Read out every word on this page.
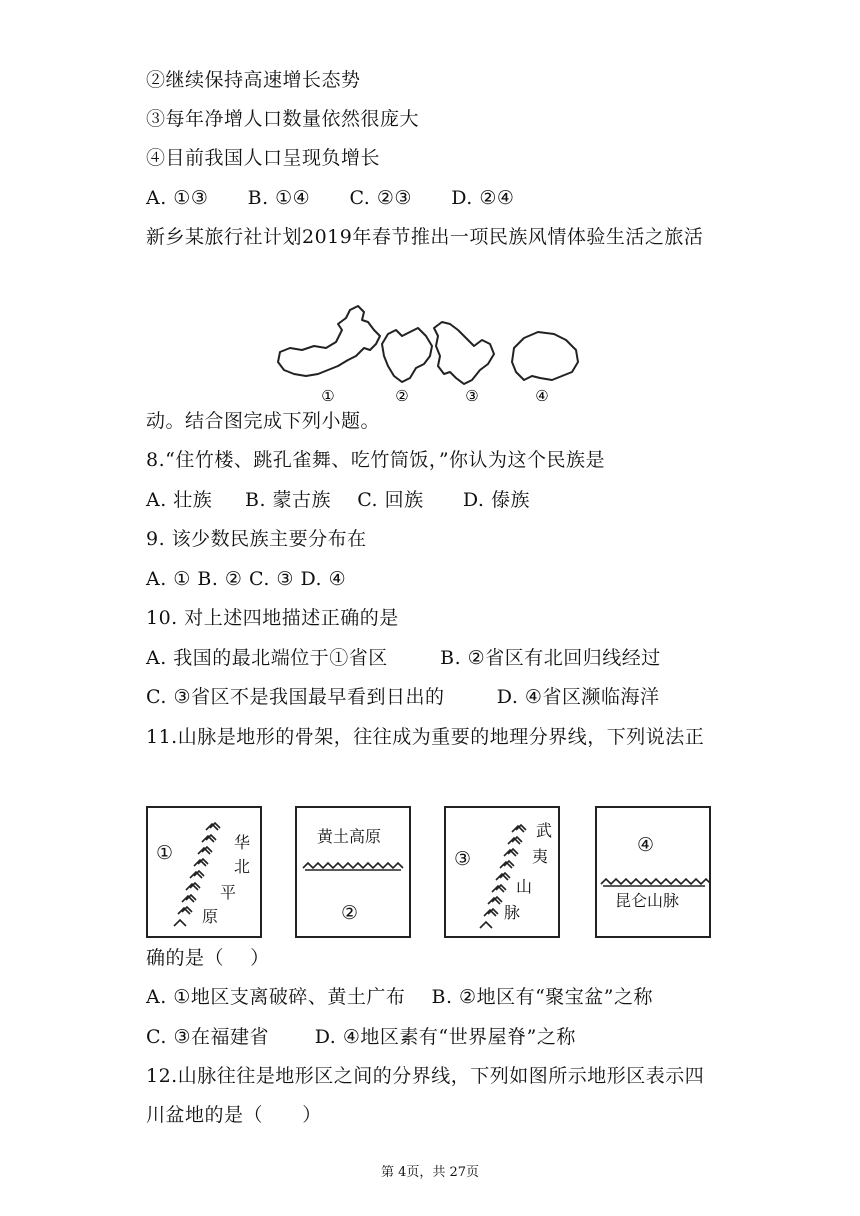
②继续保持高速增长态势
③每年净增人口数量依然很庞大
④目前我国人口呈现负增长
A. ①③      B. ①④      C. ②③      D. ②④
新乡某旅行社计划2019年春节推出一项民族风情体验生活之旅活
①	②	③	④
动。结合图完成下列小题。
8.“住竹楼、跳孔雀舞、吃竹筒饭，”你认为这个民族是
A. 壮族     B. 蒙古族    C. 回族      D. 傣族
9. 该少数民族主要分布在
A. ① B. ② C. ③ D. ④
10. 对上述四地描述正确的是
A. 我国的最北端位于①省区        B. ②省区有北回归线经过
C. ③省区不是我国最早看到日出的        D. ④省区濒临海洋
11.山脉是地形的骨架，往往成为重要的地理分界线，下列说法正
①	华
北
平
原
黄土高原
②
③
武
夷
山
脉
④
昆仑山脉
确的是（    ）
A. ①地区支离破碎、黄土广布    B. ②地区有“聚宝盆”之称
C. ③在福建省       D. ④地区素有“世界屋脊”之称
12.山脉往往是地形区之间的分界线，下列如图所示地形区表示四
川盆地的是（      ）
第 4页，共 27页
